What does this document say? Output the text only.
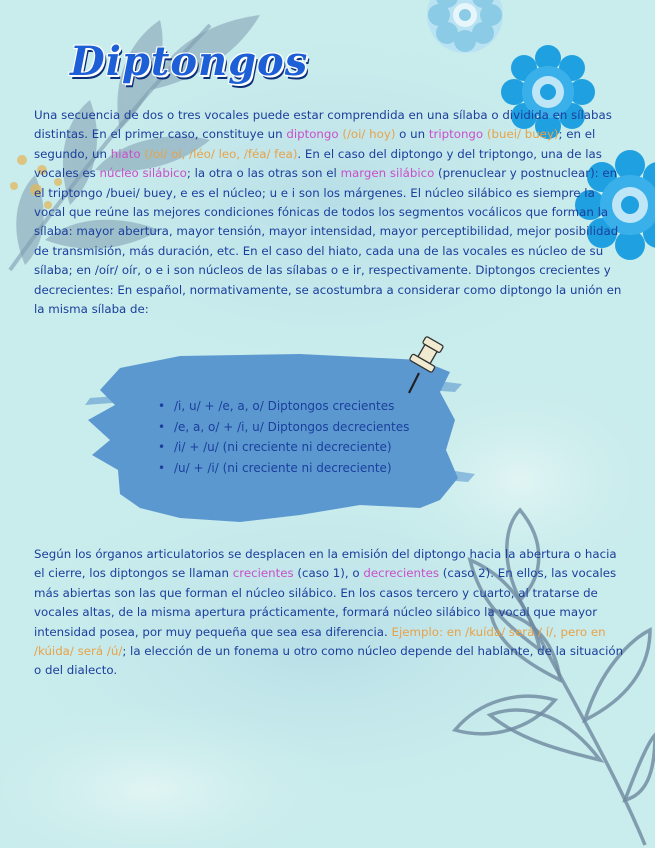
Diptongos
Una secuencia de dos o tres vocales puede estar comprendida en una sílaba o dividida en sílabas distintas. En el primer caso, constituye un diptongo (/oi/ hoy) o un triptongo (buei/ buey); en el segundo, un hiato (/oí/ oí, /léo/ leo, /féa/ fea). En el caso del diptongo y del triptongo, una de las vocales es núcleo silábico; la otra o las otras son el margen silábico (prenuclear y postnuclear): en el triptongo /buei/ buey, e es el núcleo; u e i son los márgenes. El núcleo silábico es siempre la vocal que reúne las mejores condiciones fónicas de todos los segmentos vocálicos que forman la sílaba: mayor abertura, mayor tensión, mayor intensidad, mayor perceptibilidad, mejor posibilidad de transmisión, más duración, etc. En el caso del hiato, cada una de las vocales es núcleo de su sílaba; en /oír/ oír, o e i son núcleos de las sílabas o e ir, respectivamente. Diptongos crecientes y decrecientes: En español, normativamente, se acostumbra a considerar como diptongo la unión en la misma sílaba de:
• /i, u/ + /e, a, o/ Diptongos crecientes
• /e, a, o/ + /i, u/ Diptongos decrecientes
• /i/ + /u/ (ni creciente ni decreciente)
• /u/ + /i/ (ni creciente ni decreciente)
Según los órganos articulatorios se desplacen en la emisión del diptongo hacia la abertura o hacia el cierre, los diptongos se llaman crecientes (caso 1), o decrecientes (caso 2). En ellos, las vocales más abiertas son las que forman el núcleo silábico. En los casos tercero y cuarto, al tratarse de vocales altas, de la misma apertura prácticamente, formará núcleo silábico la vocal que mayor intensidad posea, por muy pequeña que sea esa diferencia. Ejemplo: en /kuída/ será / í/, pero en /kúida/ será /ú/; la elección de un fonema u otro como núcleo depende del hablante, de la situación o del dialecto.
